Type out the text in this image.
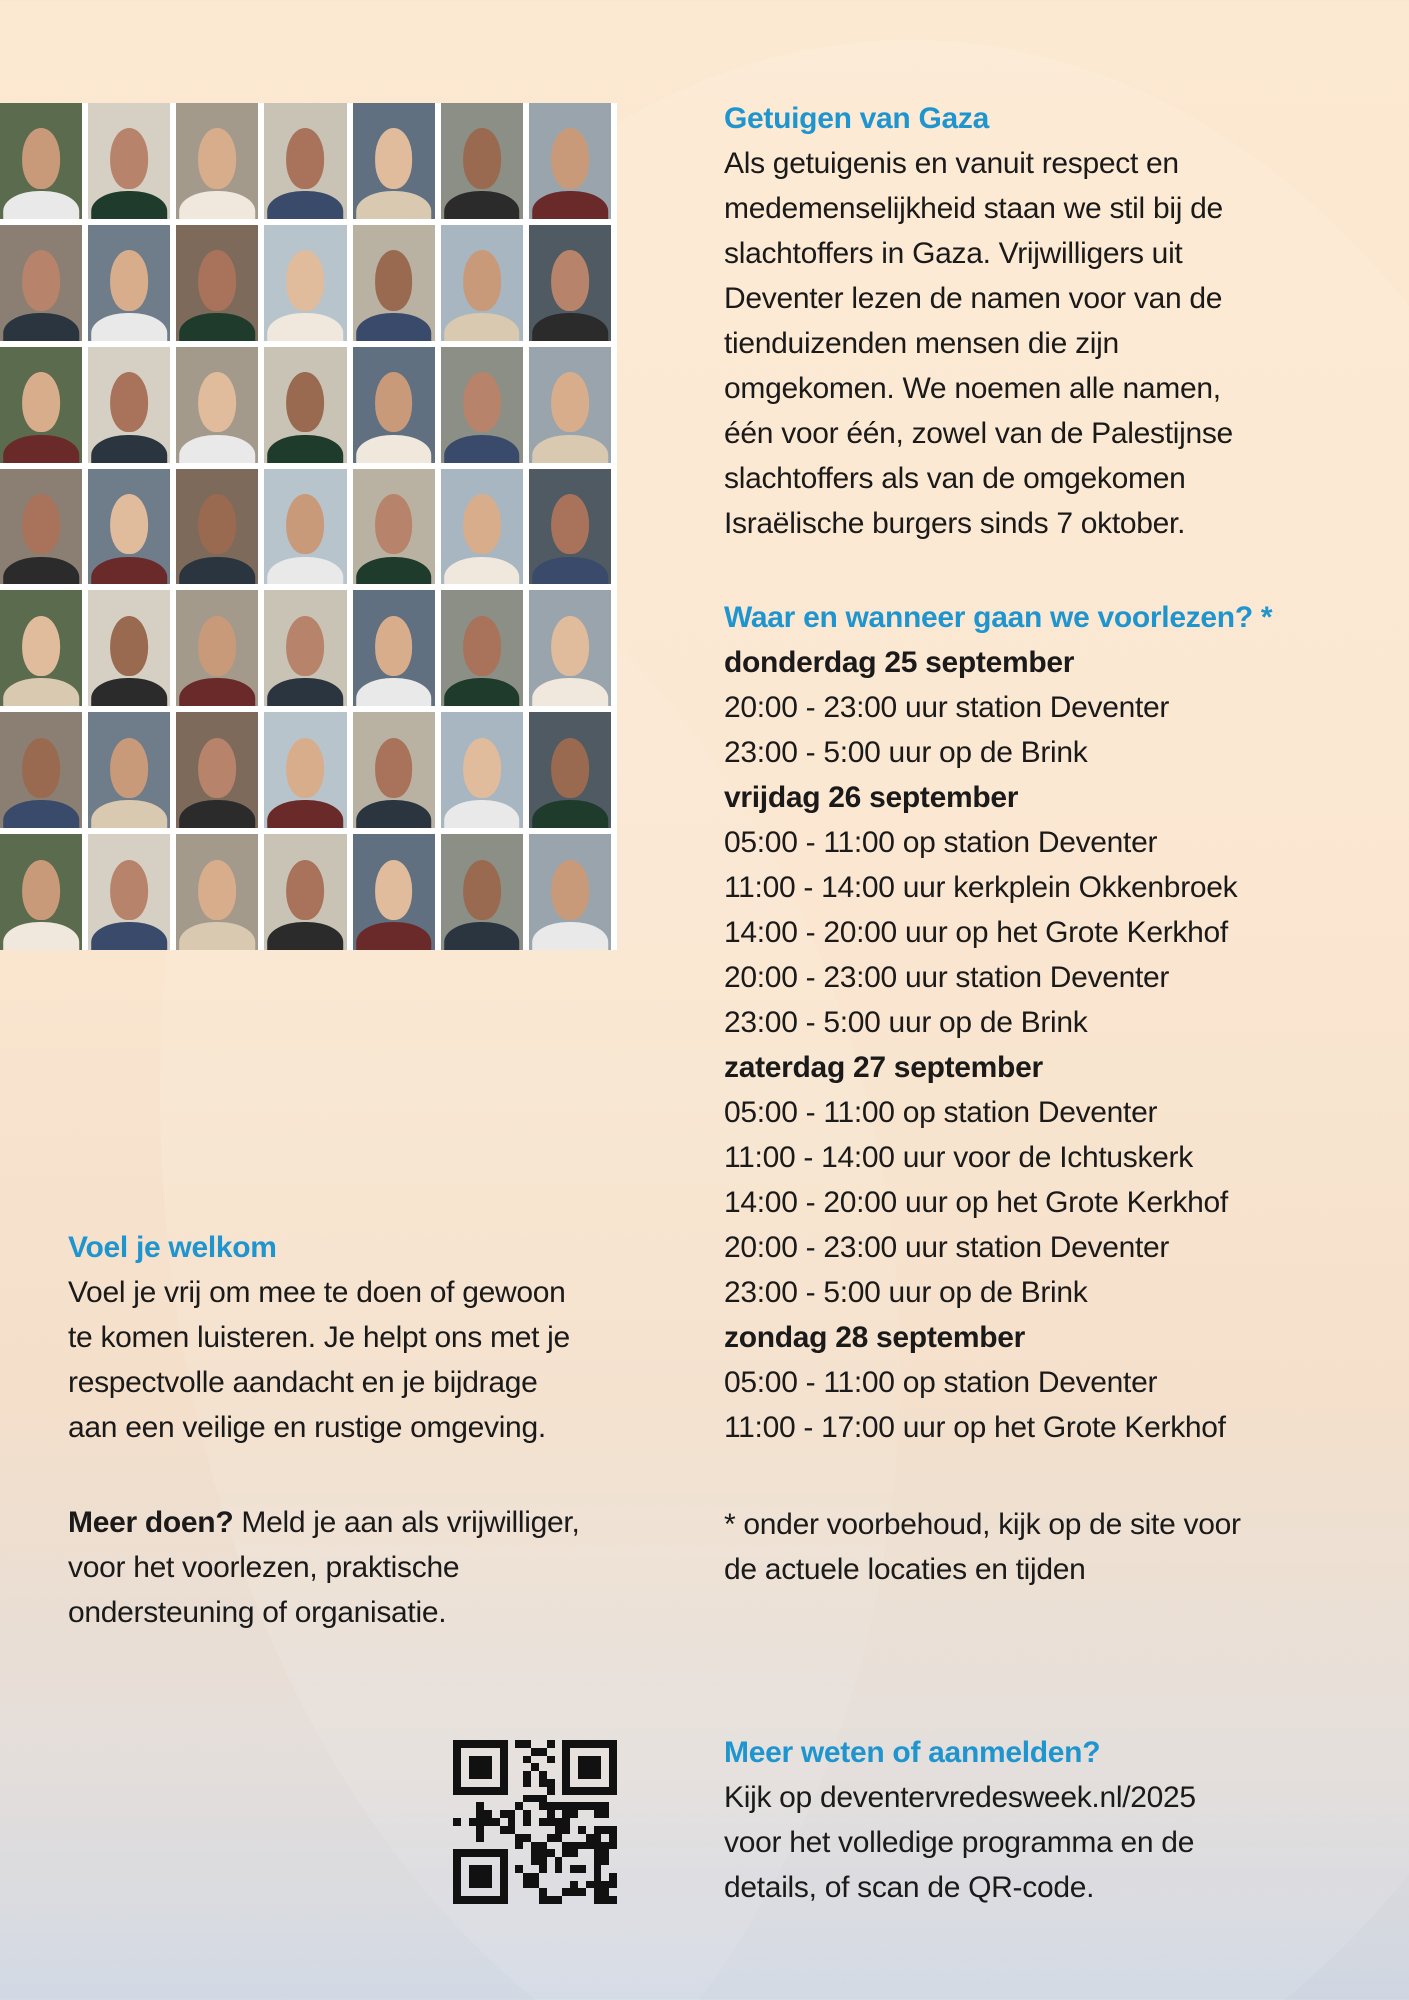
Getuigen van Gaza
Als getuigenis en vanuit respect en
medemenselijkheid staan we stil bij de
slachtoffers in Gaza. Vrijwilligers uit
Deventer lezen de namen voor van de
tienduizenden mensen die zijn
omgekomen. We noemen alle namen,
één voor één, zowel van de Palestijnse
slachtoffers als van de omgekomen
Israëlische burgers sinds 7 oktober.
Waar en wanneer gaan we voorlezen? *
donderdag 25 september
20:00 - 23:00 uur station Deventer
23:00 - 5:00 uur op de Brink
vrijdag 26 september
05:00 - 11:00 op station Deventer
11:00 - 14:00 uur kerkplein Okkenbroek
14:00 - 20:00 uur op het Grote Kerkhof
20:00 - 23:00 uur station Deventer
23:00 - 5:00 uur op de Brink
zaterdag 27 september
05:00 - 11:00 op station Deventer
11:00 - 14:00 uur voor de Ichtuskerk
14:00 - 20:00 uur op het Grote Kerkhof
20:00 - 23:00 uur station Deventer
23:00 - 5:00 uur op de Brink
zondag 28 september
05:00 - 11:00 op station Deventer
11:00 - 17:00 uur op het Grote Kerkhof
* onder voorbehoud, kijk op de site voor
de actuele locaties en tijden
Voel je welkom
Voel je vrij om mee te doen of gewoon
te komen luisteren. Je helpt ons met je
respectvolle aandacht en je bijdrage
aan een veilige en rustige omgeving.
Meer doen? Meld je aan als vrijwilliger,
voor het voorlezen, praktische
ondersteuning of organisatie.
Meer weten of aanmelden?
Kijk op deventervredesweek.nl/2025
voor het volledige programma en de
details, of scan de QR-code.
